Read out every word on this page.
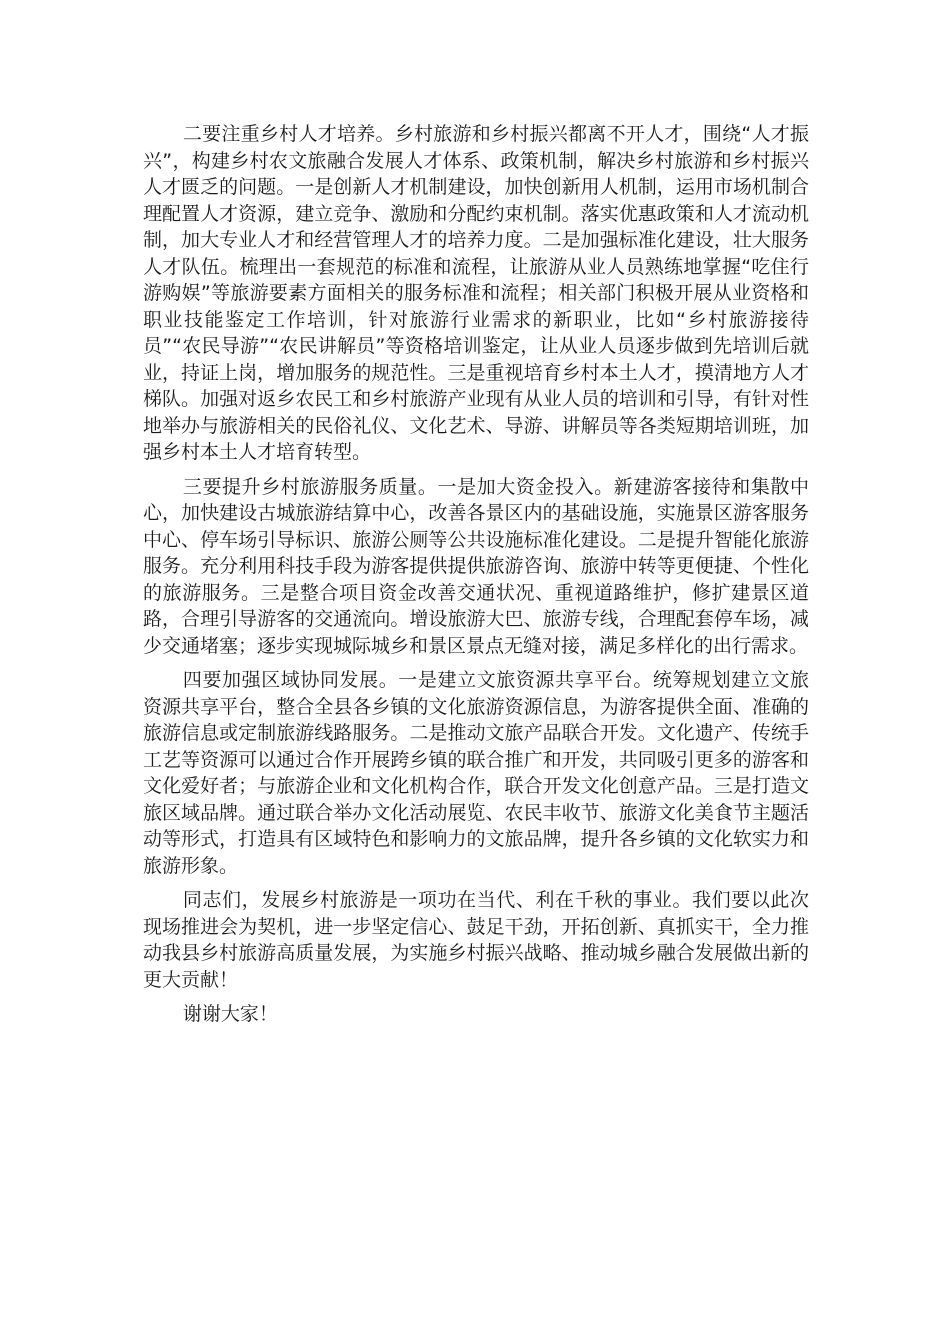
二要注重乡村人才培养。乡村旅游和乡村振兴都离不开人才，围绕“人才振兴”，构建乡村农文旅融合发展人才体系、政策机制，解决乡村旅游和乡村振兴人才匮乏的问题。一是创新人才机制建设，加快创新用人机制，运用市场机制合理配置人才资源，建立竞争、激励和分配约束机制。落实优惠政策和人才流动机制，加大专业人才和经营管理人才的培养力度。二是加强标准化建设，壮大服务人才队伍。梳理出一套规范的标准和流程，让旅游从业人员熟练地掌握“吃住行游购娱”等旅游要素方面相关的服务标准和流程；相关部门积极开展从业资格和职业技能鉴定工作培训，针对旅游行业需求的新职业，比如“乡村旅游接待员”“农民导游”“农民讲解员”等资格培训鉴定，让从业人员逐步做到先培训后就业，持证上岗，增加服务的规范性。三是重视培育乡村本土人才，摸清地方人才梯队。加强对返乡农民工和乡村旅游产业现有从业人员的培训和引导，有针对性地举办与旅游相关的民俗礼仪、文化艺术、导游、讲解员等各类短期培训班，加强乡村本土人才培育转型。

三要提升乡村旅游服务质量。一是加大资金投入。新建游客接待和集散中心，加快建设古城旅游结算中心，改善各景区内的基础设施，实施景区游客服务中心、停车场引导标识、旅游公厕等公共设施标准化建设。二是提升智能化旅游服务。充分利用科技手段为游客提供提供旅游咨询、旅游中转等更便捷、个性化的旅游服务。三是整合项目资金改善交通状况、重视道路维护，修扩建景区道路，合理引导游客的交通流向。增设旅游大巴、旅游专线，合理配套停车场，减少交通堵塞；逐步实现城际城乡和景区景点无缝对接，满足多样化的出行需求。

四要加强区域协同发展。一是建立文旅资源共享平台。统筹规划建立文旅资源共享平台，整合全县各乡镇的文化旅游资源信息，为游客提供全面、准确的旅游信息或定制旅游线路服务。二是推动文旅产品联合开发。文化遗产、传统手工艺等资源可以通过合作开展跨乡镇的联合推广和开发，共同吸引更多的游客和文化爱好者；与旅游企业和文化机构合作，联合开发文化创意产品。三是打造文旅区域品牌。通过联合举办文化活动展览、农民丰收节、旅游文化美食节主题活动等形式，打造具有区域特色和影响力的文旅品牌，提升各乡镇的文化软实力和旅游形象。

同志们，发展乡村旅游是一项功在当代、利在千秋的事业。我们要以此次现场推进会为契机，进一步坚定信心、鼓足干劲，开拓创新、真抓实干，全力推动我县乡村旅游高质量发展，为实施乡村振兴战略、推动城乡融合发展做出新的更大贡献！

谢谢大家！
